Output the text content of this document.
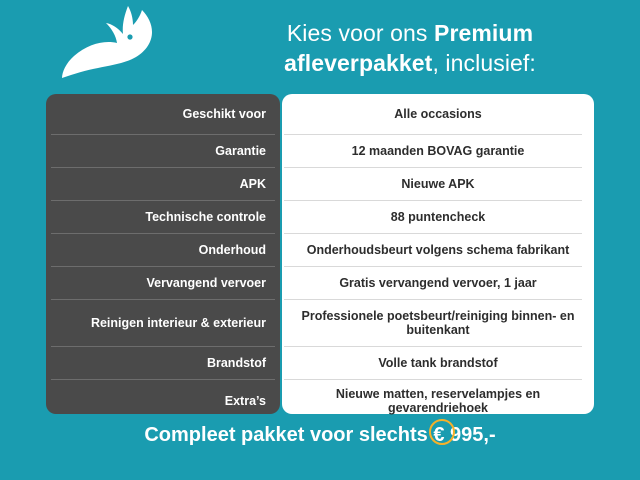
Kies voor ons Premium
afleverpakket, inclusief:
Geschikt voor	Alle occasions
Garantie	12 maanden BOVAG garantie
APK	Nieuwe APK
Technische controle	88 puntencheck
Onderhoud	Onderhoudsbeurt volgens schema fabrikant
Vervangend vervoer	Gratis vervangend vervoer, 1 jaar
Reinigen interieur & exterieur	Professionele poetsbeurt/reiniging binnen- en buitenkant
Brandstof	Volle tank brandstof
Extra’s	Nieuwe matten, reservelampjes en gevarendriehoek
Compleet pakket voor slechts
€ 995,-
